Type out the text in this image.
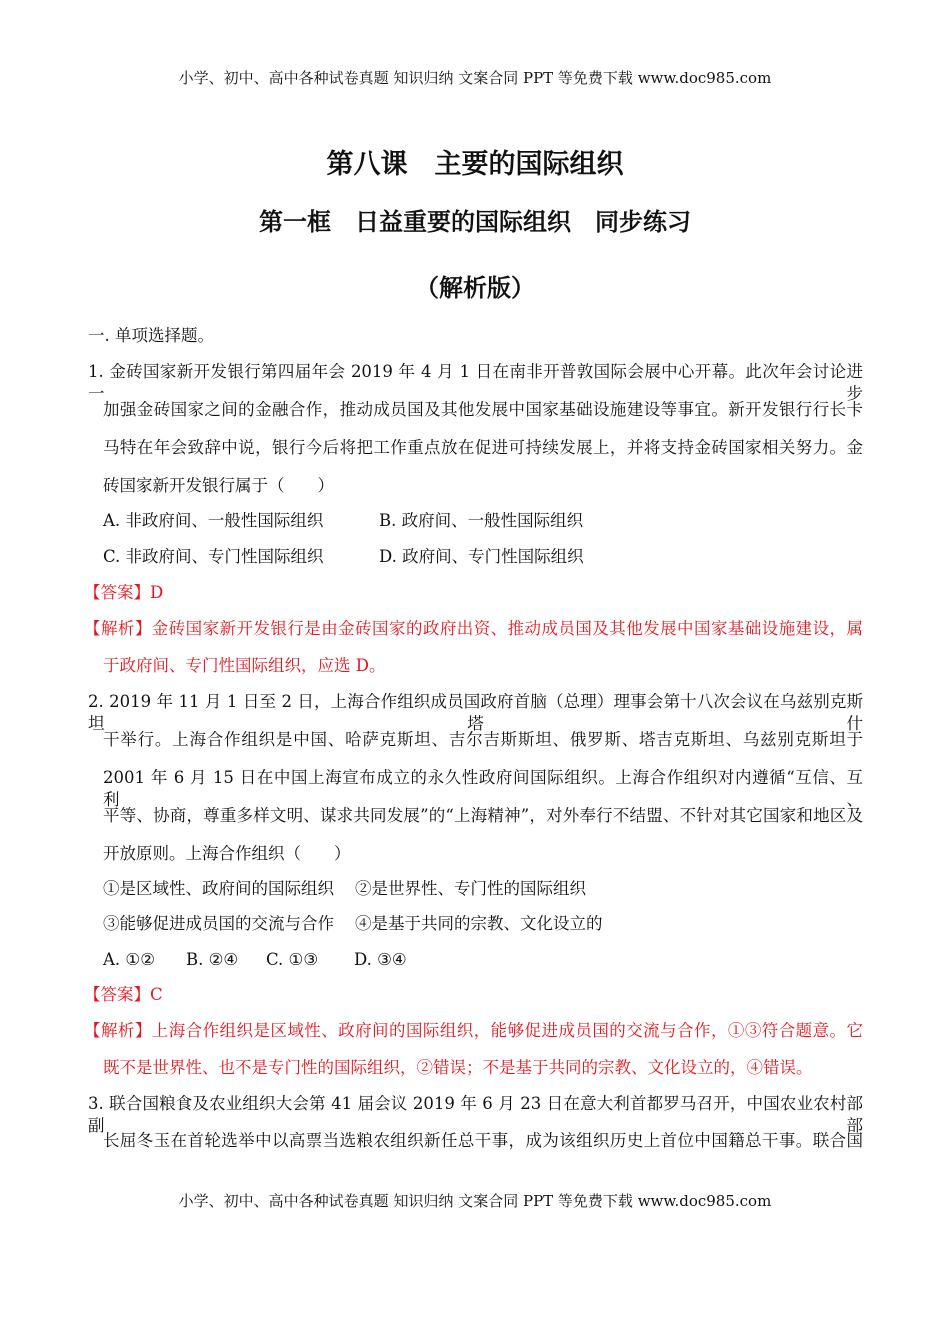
小学、初中、高中各种试卷真题 知识归纳 文案合同 PPT 等免费下载 www.doc985.com
第八课　主要的国际组织
第一框　日益重要的国际组织　同步练习
（解析版）
一. 单项选择题。
1. 金砖国家新开发银行第四届年会 2019 年 4 月 1 日在南非开普敦国际会展中心开幕。此次年会讨论进一步
加强金砖国家之间的金融合作，推动成员国及其他发展中国家基础设施建设等事宜。新开发银行行长卡
马特在年会致辞中说，银行今后将把工作重点放在促进可持续发展上，并将支持金砖国家相关努力。金
砖国家新开发银行属于（　　）
A. 非政府间、一般性国际组织	B. 政府间、一般性国际组织
C. 非政府间、专门性国际组织	D. 政府间、专门性国际组织
【答案】D
【解析】金砖国家新开发银行是由金砖国家的政府出资、推动成员国及其他发展中国家基础设施建设，属
于政府间、专门性国际组织，应选 D。
2. 2019 年 11 月 1 日至 2 日，上海合作组织成员国政府首脑（总理）理事会第十八次会议在乌兹别克斯坦塔什
干举行。上海合作组织是中国、哈萨克斯坦、吉尔吉斯斯坦、俄罗斯、塔吉克斯坦、乌兹别克斯坦于
2001 年 6 月 15 日在中国上海宣布成立的永久性政府间国际组织。上海合作组织对内遵循“互信、互利、
平等、协商，尊重多样文明、谋求共同发展”的“上海精神”，对外奉行不结盟、不针对其它国家和地区及
开放原则。上海合作组织（　　）
①是区域性、政府间的国际组织 ②是世界性、专门性的国际组织
③能够促进成员国的交流与合作 ④是基于共同的宗教、文化设立的
A. ①② B. ②④ C. ①③ D. ③④
【答案】C
【解析】上海合作组织是区域性、政府间的国际组织，能够促进成员国的交流与合作，①③符合题意。它
既不是世界性、也不是专门性的国际组织，②错误；不是基于共同的宗教、文化设立的，④错误。
3. 联合国粮食及农业组织大会第 41 届会议 2019 年 6 月 23 日在意大利首都罗马召开，中国农业农村部副部
长屈冬玉在首轮选举中以高票当选粮农组织新任总干事，成为该组织历史上首位中国籍总干事。联合国
小学、初中、高中各种试卷真题 知识归纳 文案合同 PPT 等免费下载 www.doc985.com
